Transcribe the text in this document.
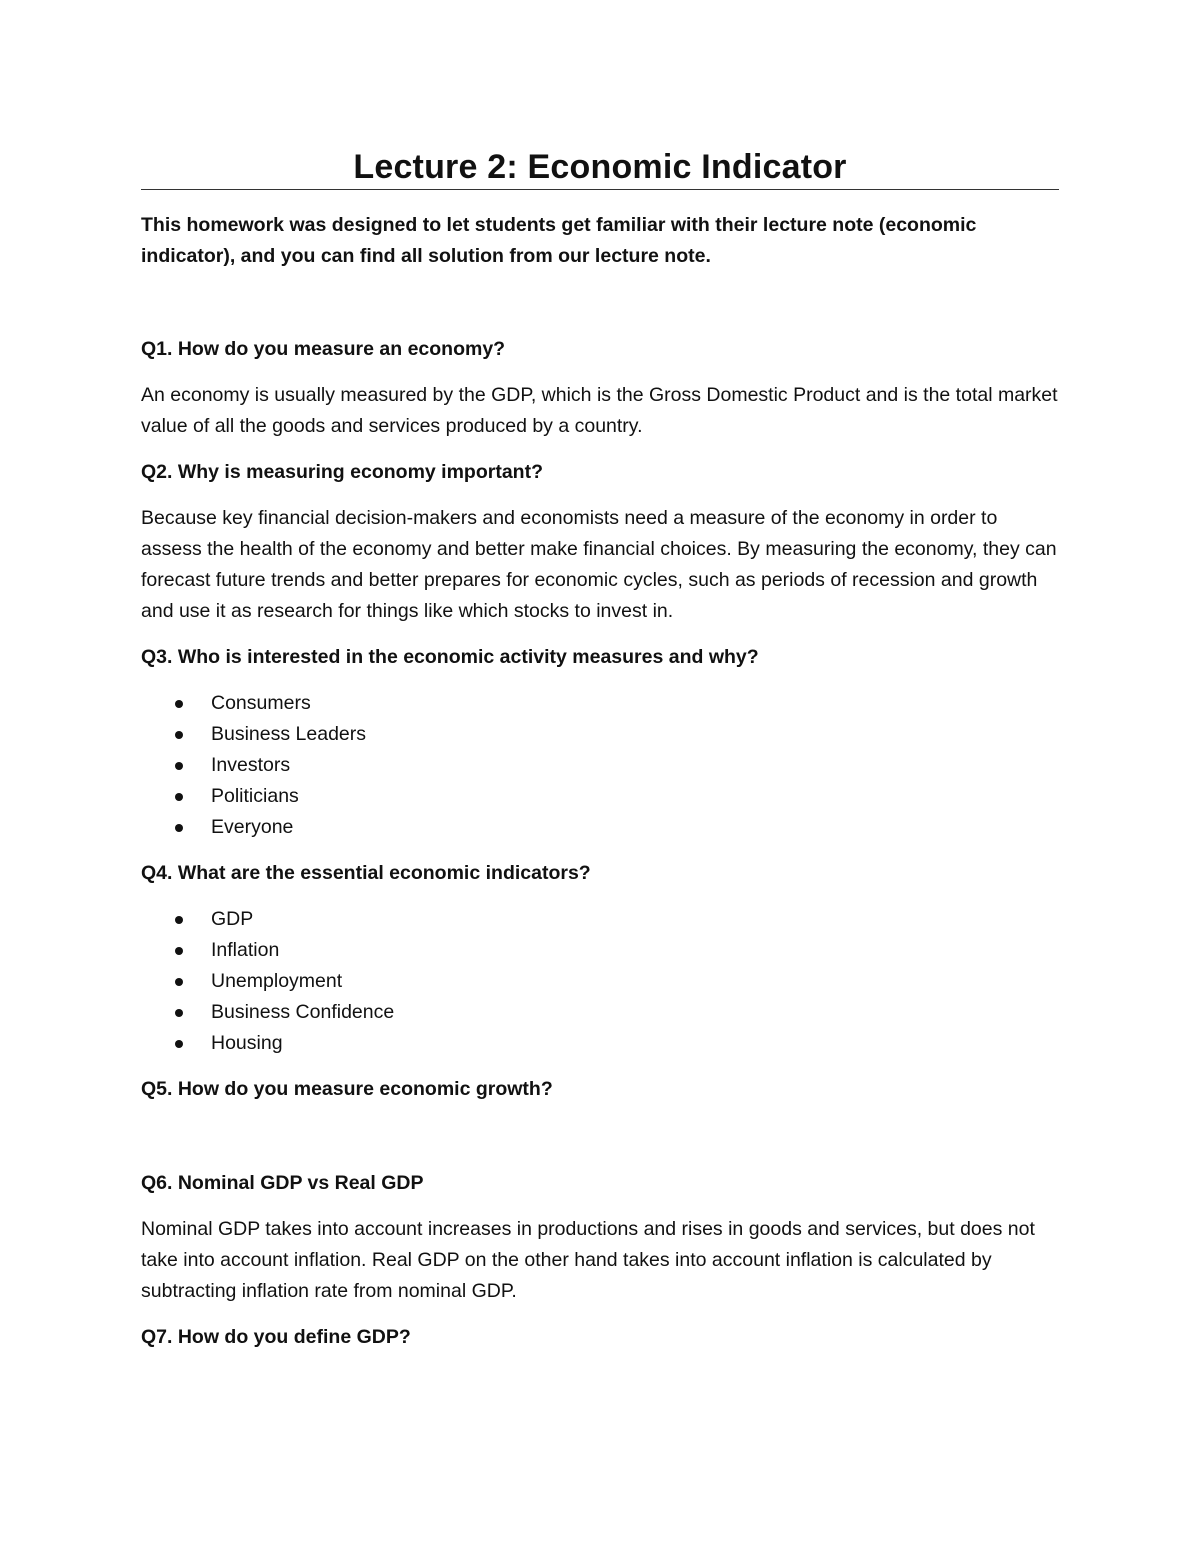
Lecture 2: Economic Indicator

This homework was designed to let students get familiar with their lecture note (economic indicator), and you can find all solution from our lecture note.

Q1. How do you measure an economy?

An economy is usually measured by the GDP, which is the Gross Domestic Product and is the total market value of all the goods and services produced by a country.

Q2. Why is measuring economy important?

Because key financial decision-makers and economists need a measure of the economy in order to assess the health of the economy and better make financial choices. By measuring the economy, they can forecast future trends and better prepares for economic cycles, such as periods of recession and growth and use it as research for things like which stocks to invest in.

Q3. Who is interested in the economic activity measures and why?

Consumers
Business Leaders
Investors
Politicians
Everyone

Q4. What are the essential economic indicators?

GDP
Inflation
Unemployment
Business Confidence
Housing

Q5. How do you measure economic growth?

Q6. Nominal GDP vs Real GDP

Nominal GDP takes into account increases in productions and rises in goods and services, but does not take into account inflation. Real GDP on the other hand takes into account inflation is calculated by subtracting inflation rate from nominal GDP.

Q7. How do you define GDP?
